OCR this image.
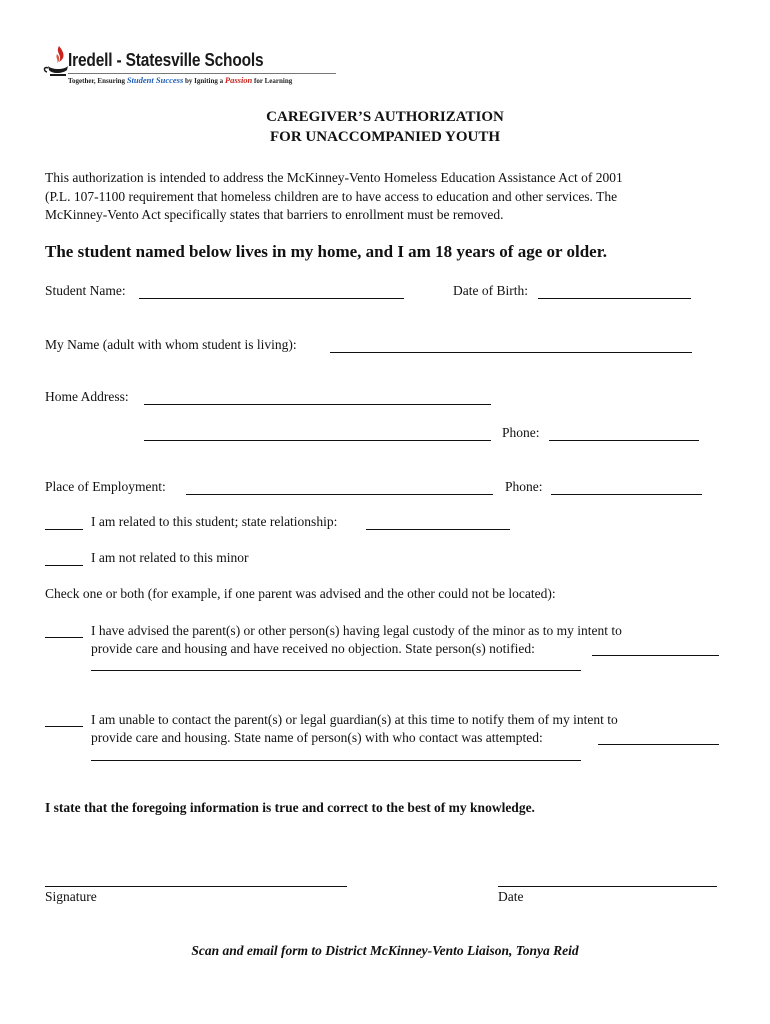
Iredell - Statesville Schools
Together, Ensuring Student Success by Igniting a Passion for Learning
CAREGIVER’S AUTHORIZATION
FOR UNACCOMPANIED YOUTH
This authorization is intended to address the McKinney-Vento Homeless Education Assistance Act of 2001
(P.L. 107-1100 requirement that homeless children are to have access to education and other services. The
McKinney-Vento Act specifically states that barriers to enrollment must be removed.
The student named below lives in my home, and I am 18 years of age or older.
Student Name:	Date of Birth:
My Name (adult with whom student is living):
Home Address:
Phone:
Place of Employment:	Phone:
I am related to this student; state relationship:
I am not related to this minor
Check one or both (for example, if one parent was advised and the other could not be located):
I have advised the parent(s) or other person(s) having legal custody of the minor as to my intent to
provide care and housing and have received no objection. State person(s) notified:
I am unable to contact the parent(s) or legal guardian(s) at this time to notify them of my intent to
provide care and housing. State name of person(s) with who contact was attempted:
I state that the foregoing information is true and correct to the best of my knowledge.
Signature	Date
Scan and email form to District McKinney-Vento Liaison, Tonya Reid
